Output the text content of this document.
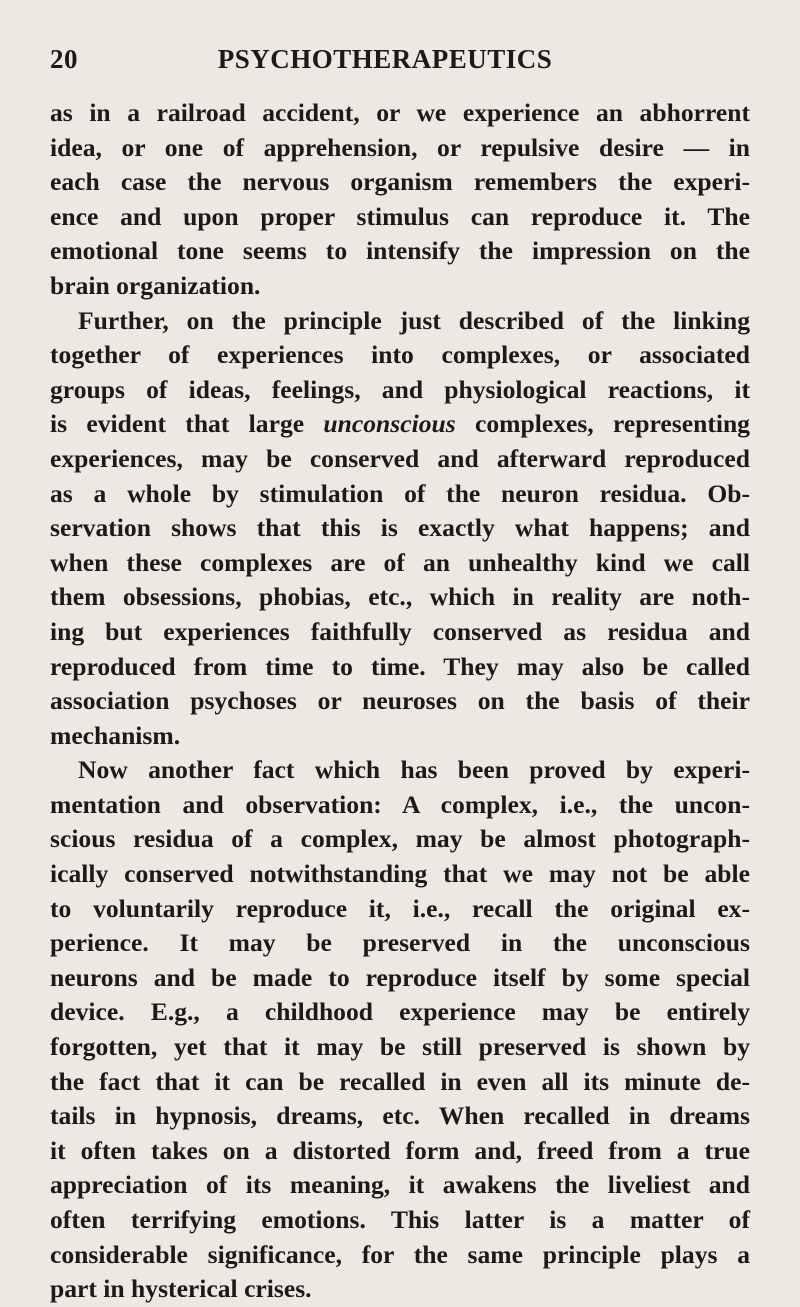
20	PSYCHOTHERAPEUTICS
as in a railroad accident, or we experience an abhorrent
idea, or one of apprehension, or repulsive desire — in
each case the nervous organism remembers the experi-
ence and upon proper stimulus can reproduce it. The
emotional tone seems to intensify the impression on the
brain organization.
Further, on the principle just described of the linking
together of experiences into complexes, or associated
groups of ideas, feelings, and physiological reactions, it
is evident that large unconscious complexes, representing
experiences, may be conserved and afterward reproduced
as a whole by stimulation of the neuron residua. Ob-
servation shows that this is exactly what happens; and
when these complexes are of an unhealthy kind we call
them obsessions, phobias, etc., which in reality are noth-
ing but experiences faithfully conserved as residua and
reproduced from time to time. They may also be called
association psychoses or neuroses on the basis of their
mechanism.
Now another fact which has been proved by experi-
mentation and observation: A complex, i.e., the uncon-
scious residua of a complex, may be almost photograph-
ically conserved notwithstanding that we may not be able
to voluntarily reproduce it, i.e., recall the original ex-
perience. It may be preserved in the unconscious
neurons and be made to reproduce itself by some special
device. E.g., a childhood experience may be entirely
forgotten, yet that it may be still preserved is shown by
the fact that it can be recalled in even all its minute de-
tails in hypnosis, dreams, etc. When recalled in dreams
it often takes on a distorted form and, freed from a true
appreciation of its meaning, it awakens the liveliest and
often terrifying emotions. This latter is a matter of
considerable significance, for the same principle plays a
part in hysterical crises.
